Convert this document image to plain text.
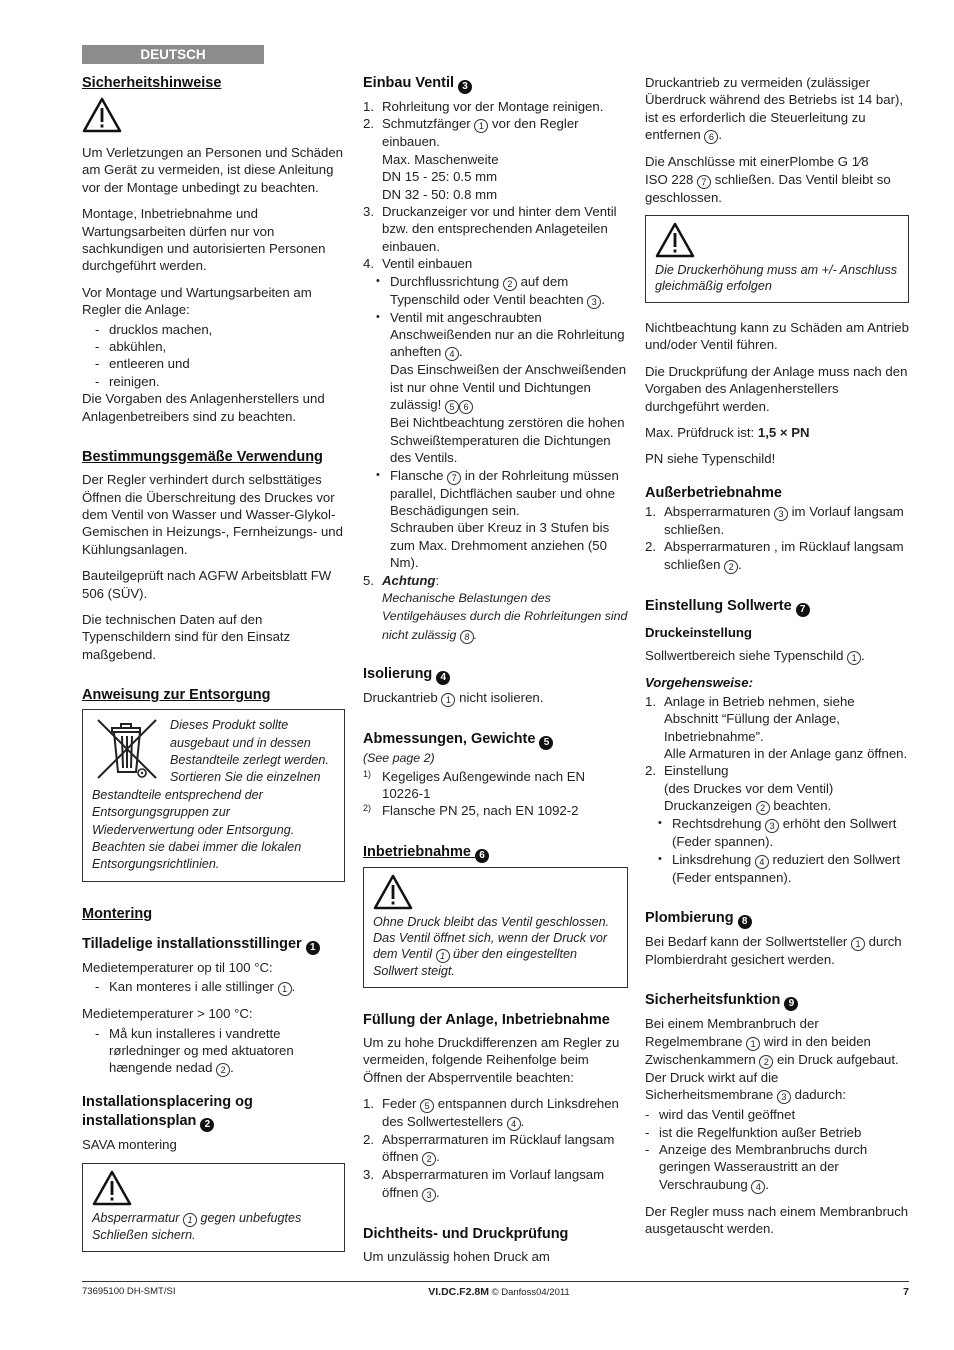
DEUTSCH
Sicherheitshinweise

Um Verletzungen an Personen und Schäden am Gerät zu vermeiden, ist diese Anleitung vor der Montage unbedingt zu beachten.

Montage, Inbetriebnahme und Wartungsarbeiten dürfen nur von sachkundigen und autorisierten Personen durchgeführt werden.

Vor Montage und Wartungsarbeiten am Regler die Anlage:

- drucklos machen,
- abkühlen,
- entleeren und
- reinigen.

Die Vorgaben des Anlagenherstellers und Anlagenbetreibers sind zu beachten.

Bestimmungsgemäße Verwendung

Der Regler verhindert durch selbsttätiges Öffnen die Überschreitung des Druckes vor dem Ventil von Wasser und Wasser-Glykol-Gemischen in Heizungs-, Fernheizungs- und Kühlungsanlagen.

Bauteilgeprüft nach AGFW Arbeitsblatt FW 506 (SÜV).

Die technischen Daten auf den Typenschildern sind für den Einsatz maßgebend.

Anweisung zur Entsorgung
Dieses Produkt sollte ausgebaut und in dessen Bestandteile zerlegt werden. Sortieren Sie die einzelnen Bestandteile entsprechend der Entsorgungsgruppen zur Wiederverwertung oder Entsorgung. Beachten sie dabei immer die lokalen Entsorgungsrichtlinien.
Montering
Tilladelige installationsstillinger 1

Medietemperaturer op til 100 °C:

- Kan monteres i alle stillinger 1 .

Medietemperaturer > 100 °C:

- Må kun installeres i vandrette rørledninger og med aktuatoren hængende nedad 2 .
Installationsplacering og installationsplan 2

SAVA montering

Absperrarmatur 1 gegen unbefugtes Schließen sichern.
Einbau Ventil 3
1. Rohrleitung vor der Montage reinigen.
2. Schmutzfänger 1 vor den Regler einbauen.
Max. Maschenweite
DN 15 - 25: 0.5 mm
DN 32 - 50: 0.8 mm
3. Druckanzeiger vor und hinter dem Ventil bzw. den entsprechenden Anlageteilen einbauen.
4. Ventil einbauen
• Durchflussrichtung 2 auf dem Typenschild oder Ventil beachten 3 .
• Ventil mit angeschraubten Anschweißenden nur an die Rohrleitung anheften 4 .
Das Einschweißen der Anschweißenden ist nur ohne Ventil und Dichtungen zulässig! 5 6
Bei Nichtbeachtung zerstören die hohen Schweißtemperaturen die Dichtungen des Ventils.
• Flansche 7 in der Rohrleitung müssen parallel, Dichtflächen sauber und ohne Beschädigungen sein.
Schrauben über Kreuz in 3 Stufen bis zum Max. Drehmoment anziehen (50 Nm).
5. Achtung:
Mechanische Belastungen des Ventilgehäuses durch die Rohrleitungen sind nicht zulässig 8 .
Isolierung 4

Druckantrieb 1 nicht isolieren.

Abmessungen, Gewichte 5
(See page 2)
1) Kegeliges Außengewinde nach EN 10226-1
2) Flansche PN 25, nach EN 1092-2
Inbetriebnahme 6
Ohne Druck bleibt das Ventil geschlossen. Das Ventil öffnet sich, wenn der Druck vor dem Ventil 1 über den eingestellten Sollwert steigt.
Füllung der Anlage, Inbetriebnahme

Um zu hohe Druckdifferenzen am Regler zu vermeiden, folgende Reihenfolge beim Öffnen der Absperrventile beachten:

1. Feder 5 entspannen durch Linksdrehen des Sollwertestellers 4 .
2. Absperrarmaturen im Rücklauf langsam öffnen 2 .
3. Absperrarmaturen im Vorlauf langsam öffnen 3 .
Dichtheits- und Druckprüfung

Um unzulässig hohen Druck am

Druckantrieb zu vermeiden (zulässiger Überdruck während des Betriebs ist 14 bar), ist es erforderlich die Steuerleitung zu entfernen 6 .

Die Anschlüsse mit einerPlombe G 1⁄8
ISO 228 7 schließen. Das Ventil bleibt so geschlossen.

Die Druckerhöhung muss am +/- Anschluss gleichmäßig erfolgen

Nichtbeachtung kann zu Schäden am Antrieb und/oder Ventil führen.

Die Druckprüfung der Anlage muss nach den Vorgaben des Anlagenherstellers durchgeführt werden.

Max. Prüfdruck ist: 1,5 × PN

PN siehe Typenschild!

Außerbetriebnahme
1. Absperrarmaturen 3 im Vorlauf langsam schließen.
2. Absperrarmaturen , im Rücklauf langsam schließen 2 .
Einstellung Sollwerte 7
Druckeinstellung

Sollwertbereich siehe Typenschild 1 .

Vorgehensweise:
1. Anlage in Betrieb nehmen, siehe Abschnitt “Füllung der Anlage, Inbetriebnahme”.
Alle Armaturen in der Anlage ganz öffnen.
2. Einstellung
(des Druckes vor dem Ventil)
Druckanzeigen 2 beachten.
• Rechtsdrehung 3 erhöht den Sollwert (Feder spannen).
• Linksdrehung 4 reduziert den Sollwert (Feder entspannen).
Plombierung 8

Bei Bedarf kann der Sollwertsteller 1 durch Plombierdraht gesichert werden.

Sicherheitsfunktion 9

Bei einem Membranbruch der Regelmembrane 1 wird in den beiden Zwischenkammern 2 ein Druck aufgebaut. Der Druck wirkt auf die Sicherheitsmembrane 3 dadurch:

- wird das Ventil geöffnet
- ist die Regelfunktion außer Betrieb
- Anzeige des Membranbruchs durch geringen Wasseraustritt an der Verschraubung 4 .

Der Regler muss nach einem Membranbruch ausgetauscht werden.

73695100 DH-SMT/SI	VI.DC.F2.8M © Danfoss04/2011	7
